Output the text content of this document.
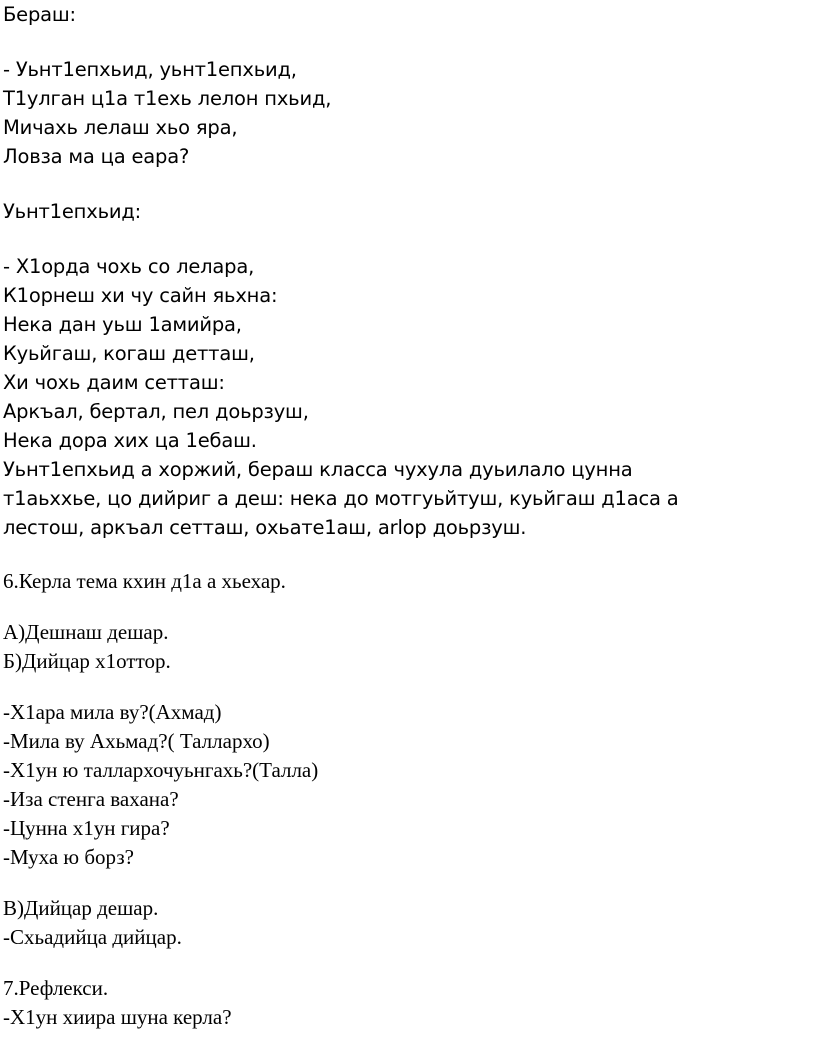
Бераш:
- Уьнт1епхьид, уьнт1епхьид,
Т1улган ц1а т1ехь лелон пхьид,
Мичахь лелаш хьо яра,
Ловза ма ца еара?
Уьнт1епхьид:
- Х1орда чохь со лелара,
К1орнеш хи чу сайн яьхна:
Нека дан уьш 1амийра,
Куьйгаш, когаш детташ,
Хи чохь даим сетташ:
Аркъал, бертал, пел доьрзуш,
Нека дора хих ца 1ебаш.
Уьнт1епхьид а хоржий, бераш класса чухула дуьилало цунна
т1аьххье, цо дийриг а деш: нека до мотгуьйтуш, куьйгаш д1аса а
лестош, аркъал сетташ, охьате1аш, arlop доьрзуш.
6.Керла тема кхин д1а а хьехар.
А)Дешнаш дешар.
Б)Дийцар х1оттор.
-Х1ара мила ву?(Ахмад)
-Мила ву Ахьмад?( Таллархо)
-Х1ун ю таллархочуьнгахь?(Талла)
-Иза стенга вахана?
-Цунна х1ун гира?
-Муха ю борз?
В)Дийцар дешар.
-Схьадийца дийцар.
7.Рефлекси.
-Х1ун хиира шуна керла?
